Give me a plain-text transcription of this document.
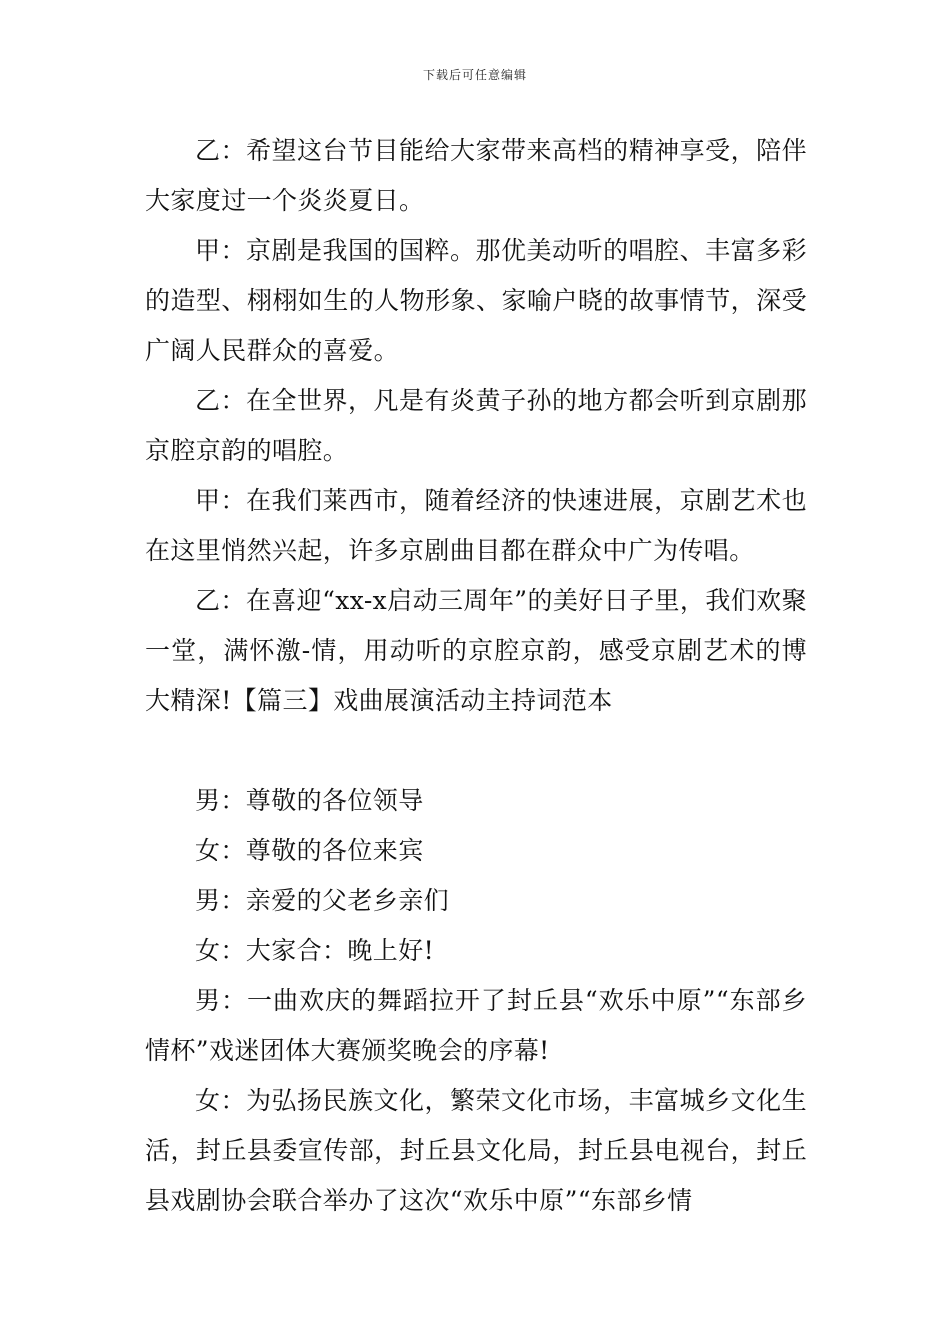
下载后可任意编辑

乙：希望这台节目能给大家带来高档的精神享受，陪伴大家度过一个炎炎夏日。

甲：京剧是我国的国粹。那优美动听的唱腔、丰富多彩的造型、栩栩如生的人物形象、家喻户晓的故事情节，深受广阔人民群众的喜爱。

乙：在全世界，凡是有炎黄子孙的地方都会听到京剧那京腔京韵的唱腔。

甲：在我们莱西市，随着经济的快速进展，京剧艺术也在这里悄然兴起，许多京剧曲目都在群众中广为传唱。

乙：在喜迎“xx-x启动三周年”的美好日子里，我们欢聚一堂，满怀激-情，用动听的京腔京韵，感受京剧艺术的博大精深!【篇三】戏曲展演活动主持词范本

男：尊敬的各位领导

女：尊敬的各位来宾

男：亲爱的父老乡亲们

女：大家合：晚上好!

男：一曲欢庆的舞蹈拉开了封丘县“欢乐中原”“东部乡情杯”戏迷团体大赛颁奖晚会的序幕!

女：为弘扬民族文化，繁荣文化市场，丰富城乡文化生活，封丘县委宣传部，封丘县文化局，封丘县电视台，封丘县戏剧协会联合举办了这次“欢乐中原”“东部乡情
